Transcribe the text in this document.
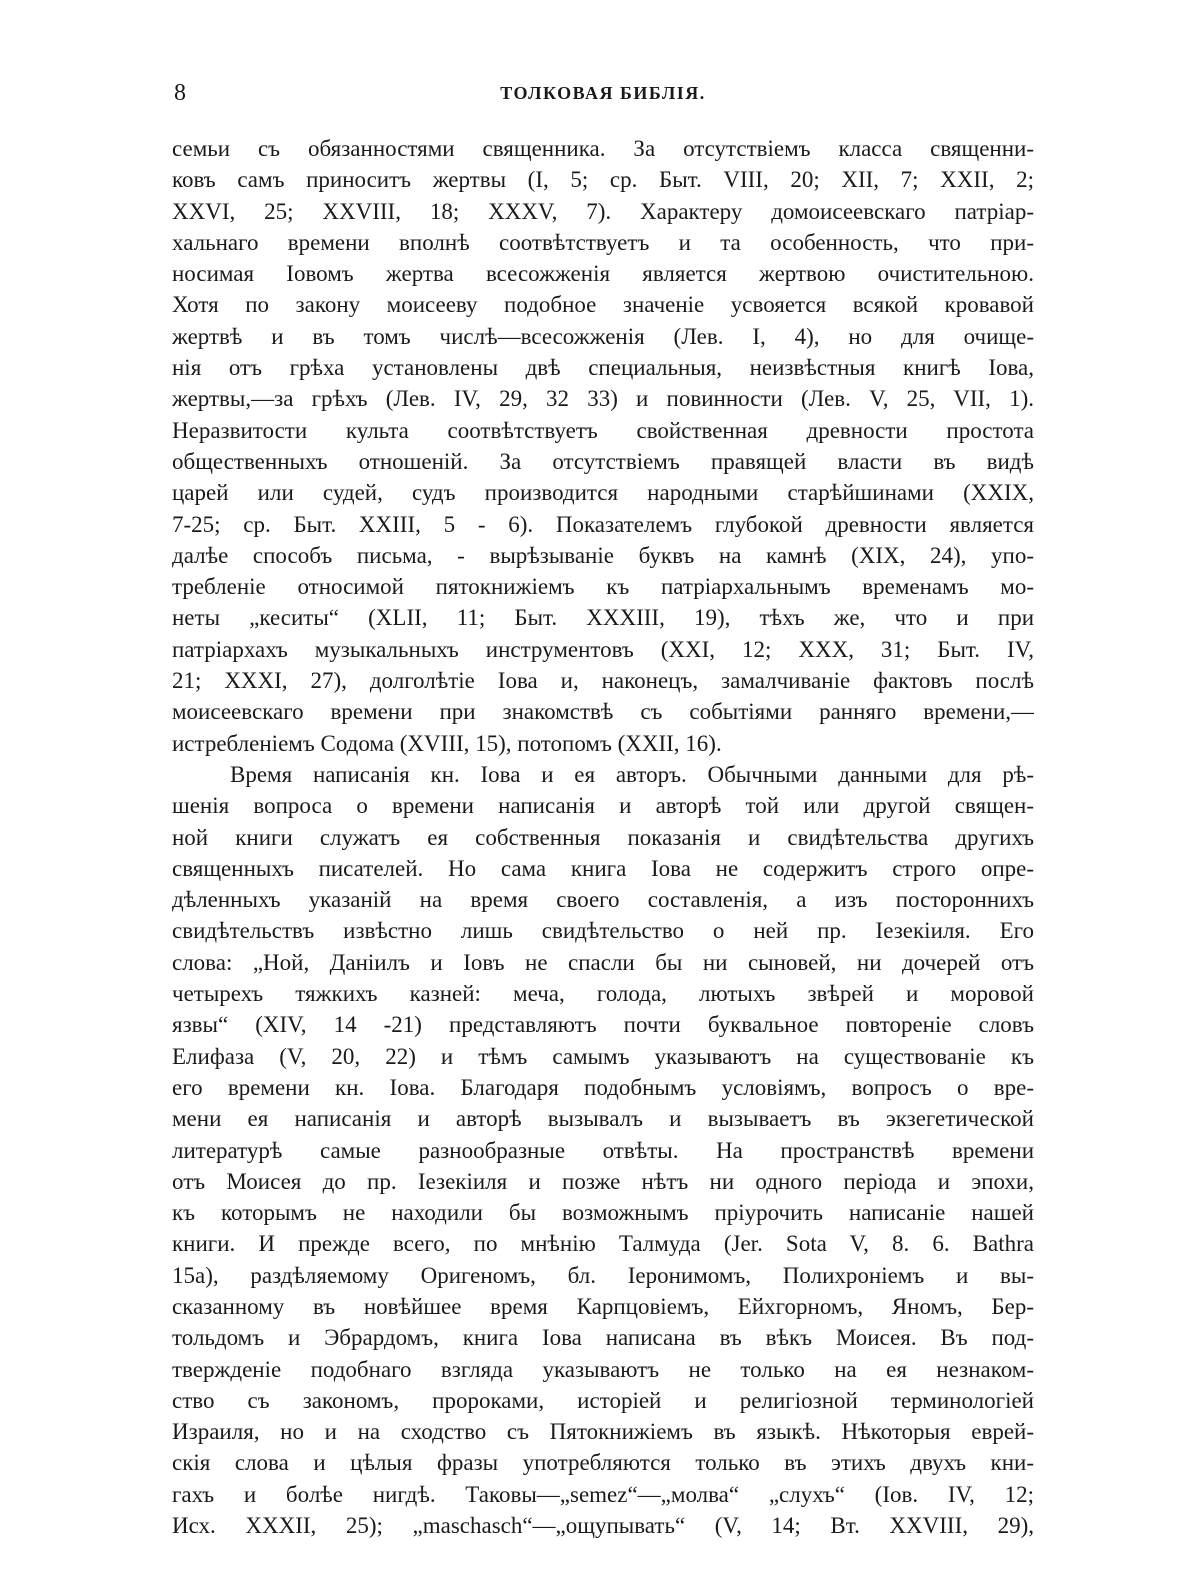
8	ТОЛКОВАЯ БИБЛІЯ.
семьи съ обязанностями священника. За отсутствіемъ класса священни-
ковъ самъ приноситъ жертвы (I, 5; ср. Быт. VIII, 20; XII, 7; XXII, 2;
XXVI, 25; XXVIII, 18; XXXV, 7). Характеру домоисеевскаго патріар-
хальнаго времени вполнѣ соотвѣтствуетъ и та особенность, что при-
носимая Іовомъ жертва всесожженія является жертвою очистительною.
Хотя по закону моисееву подобное значеніе усвояется всякой кровавой
жертвѣ и въ томъ числѣ—всесожженія (Лев. I, 4), но для очище-
нія отъ грѣха установлены двѣ специальныя, неизвѣстныя книгѣ Іова,
жертвы,—за грѣхъ (Лев. IV, 29, 32 33) и повинности (Лев. V, 25, VII, 1).
Неразвитости культа соотвѣтствуетъ свойственная древности простота
общественныхъ отношеній. За отсутствіемъ правящей власти въ видѣ
царей или судей, судъ производится народными старѣйшинами (XXIX,
7-25; ср. Быт. XXIII, 5 - 6). Показателемъ глубокой древности является
далѣе способъ письма, - вырѣзываніе буквъ на камнѣ (XIX, 24), упо-
требленіе относимой пятокнижіемъ къ патріархальнымъ временамъ мо-
неты „кеситы“ (XLII, 11; Быт. XXXIII, 19), тѣхъ же, что и при
патріархахъ музыкальныхъ инструментовъ (XXI, 12; XXX, 31; Быт. IV,
21; XXXI, 27), долголѣтіе Іова и, наконецъ, замалчиваніе фактовъ послѣ
моисеевскаго времени при знакомствѣ съ событіями ранняго времени,—
истребленіемъ Содома (XVIII, 15), потопомъ (XXII, 16).
Время написанія кн. Іова и ея авторъ. Обычными данными для рѣ-
шенія вопроса о времени написанія и авторѣ той или другой священ-
ной книги служатъ ея собственныя показанія и свидѣтельства другихъ
священныхъ писателей. Но сама книга Іова не содержитъ строго опре-
дѣленныхъ указаній на время своего составленія, а изъ постороннихъ
свидѣтельствъ извѣстно лишь свидѣтельство о ней пр. Іезекіиля. Его
слова: „Ной, Даніилъ и Іовъ не спасли бы ни сыновей, ни дочерей отъ
четырехъ тяжкихъ казней: меча, голода, лютыхъ звѣрей и моровой
язвы“ (XIV, 14 -21) представляютъ почти буквальное повтореніе словъ
Елифаза (V, 20, 22) и тѣмъ самымъ указываютъ на существованіе къ
его времени кн. Іова. Благодаря подобнымъ условіямъ, вопросъ о вре-
мени ея написанія и авторѣ вызывалъ и вызываетъ въ экзегетической
литературѣ самые разнообразные отвѣты. На пространствѣ времени
отъ Моисея до пр. Іезекіиля и позже нѣтъ ни одного періода и эпохи,
къ которымъ не находили бы возможнымъ пріурочить написаніе нашей
книги. И прежде всего, по мнѣнію Талмуда (Jer. Sota V, 8. 6. Bathra
15a), раздѣляемому Оригеномъ, бл. Іеронимомъ, Полихроніемъ и вы-
сказанному въ новѣйшее время Карпцовіемъ, Ейхгорномъ, Яномъ, Бер-
тольдомъ и Эбрардомъ, книга Іова написана въ вѣкъ Моисея. Въ под-
твержденіе подобнаго взгляда указываютъ не только на ея незнаком-
ство съ закономъ, пророками, исторіей и религіозной терминологіей
Израиля, но и на сходство съ Пятокнижіемъ въ языкѣ. Нѣкоторыя еврей-
скія слова и цѣлыя фразы употребляются только въ этихъ двухъ кни-
гахъ и болѣе нигдѣ. Таковы—„semez“—„молва“ „слухъ“ (Іов. IV, 12;
Исх. XXXII, 25); „maschasch“—„ощупывать“ (V, 14; Вт. XXVIII, 29),
